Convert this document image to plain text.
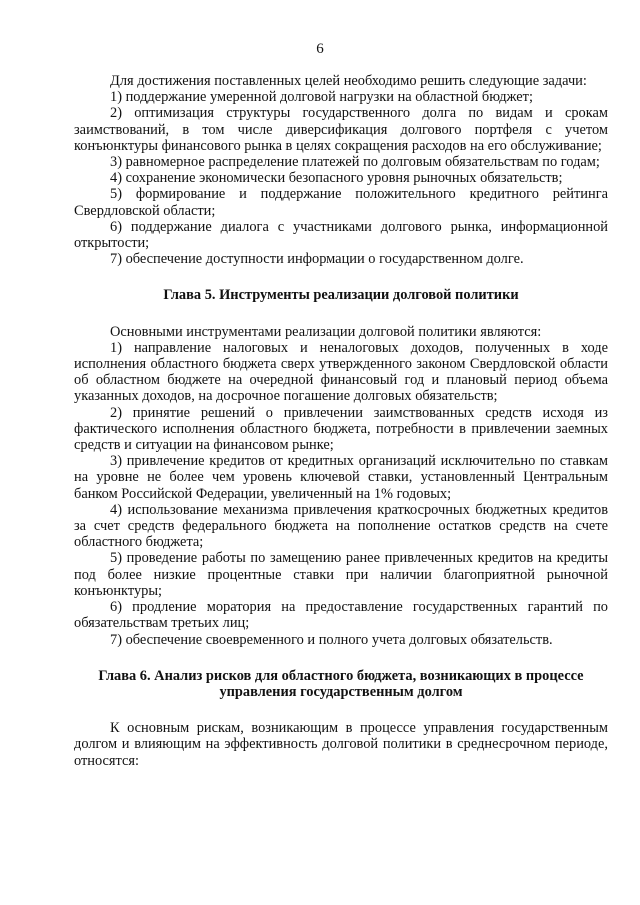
6

Для достижения поставленных целей необходимо решить следующие задачи:

1) поддержание умеренной долговой нагрузки на областной бюджет;

2) оптимизация структуры государственного долга по видам и срокам заимствований, в том числе диверсификация долгового портфеля с учетом конъюнктуры финансового рынка в целях сокращения расходов на его обслуживание;

3) равномерное распределение платежей по долговым обязательствам по годам;

4) сохранение экономически безопасного уровня рыночных обязательств;

5) формирование и поддержание положительного кредитного рейтинга Свердловской области;

6) поддержание диалога с участниками долгового рынка, информационной открытости;

7) обеспечение доступности информации о государственном долге.

Глава 5. Инструменты реализации долговой политики

Основными инструментами реализации долговой политики являются:

1) направление налоговых и неналоговых доходов, полученных в ходе исполнения областного бюджета сверх утвержденного законом Свердловской области об областном бюджете на очередной финансовый год и плановый период объема указанных доходов, на досрочное погашение долговых обязательств;

2) принятие решений о привлечении заимствованных средств исходя из фактического исполнения областного бюджета, потребности в привлечении заемных средств и ситуации на финансовом рынке;

3) привлечение кредитов от кредитных организаций исключительно по ставкам на уровне не более чем уровень ключевой ставки, установленный Центральным банком Российской Федерации, увеличенный на 1% годовых;

4) использование механизма привлечения краткосрочных бюджетных кредитов за счет средств федерального бюджета на пополнение остатков средств на счете областного бюджета;

5) проведение работы по замещению ранее привлеченных кредитов на кредиты под более низкие процентные ставки при наличии благоприятной рыночной конъюнктуры;

6) продление моратория на предоставление государственных гарантий по обязательствам третьих лиц;

7) обеспечение своевременного и полного учета долговых обязательств.

Глава 6. Анализ рисков для областного бюджета, возникающих в процессе управления государственным долгом

К основным рискам, возникающим в процессе управления государственным долгом и влияющим на эффективность долговой политики в среднесрочном периоде, относятся:
